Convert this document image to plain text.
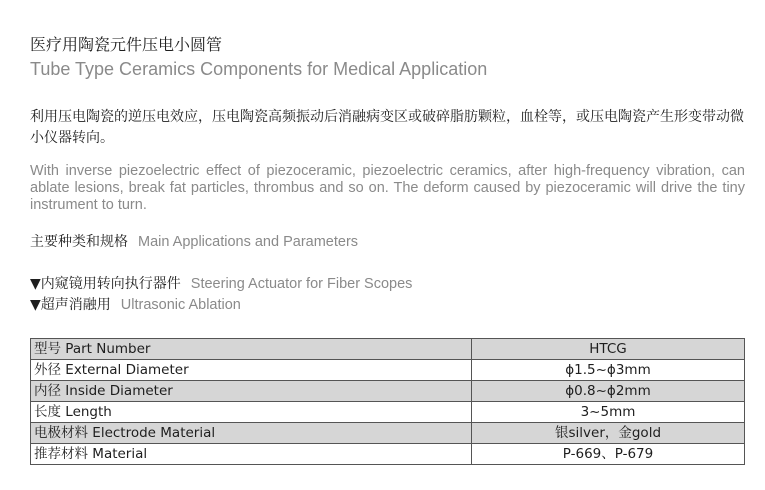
医疗用陶瓷元件压电小圆管
Tube Type Ceramics Components for Medical Application
利用压电陶瓷的逆压电效应，压电陶瓷高频振动后消融病变区或破碎脂肪颗粒，血栓等，或压电陶瓷产生形变带动微小仪器转向。
With inverse piezoelectric effect of piezoceramic, piezoelectric ceramics, after high-frequency vibration, can ablate lesions, break fat particles, thrombus and so on. The deform caused by piezoceramic will drive the tiny instrument to turn.
主要种类和规格 Main Applications and Parameters
▼内窥镜用转向执行器件 Steering Actuator for Fiber Scopes
▼超声消融用 Ultrasonic Ablation
型号 Part Number	HTCG
外径 External Diameter	ϕ1.5~ϕ3mm
内径 Inside Diameter	ϕ0.8~ϕ2mm
长度 Length	3~5mm
电极材料 Electrode Material	银silver，金gold
推荐材料 Material	P-669、P-679
